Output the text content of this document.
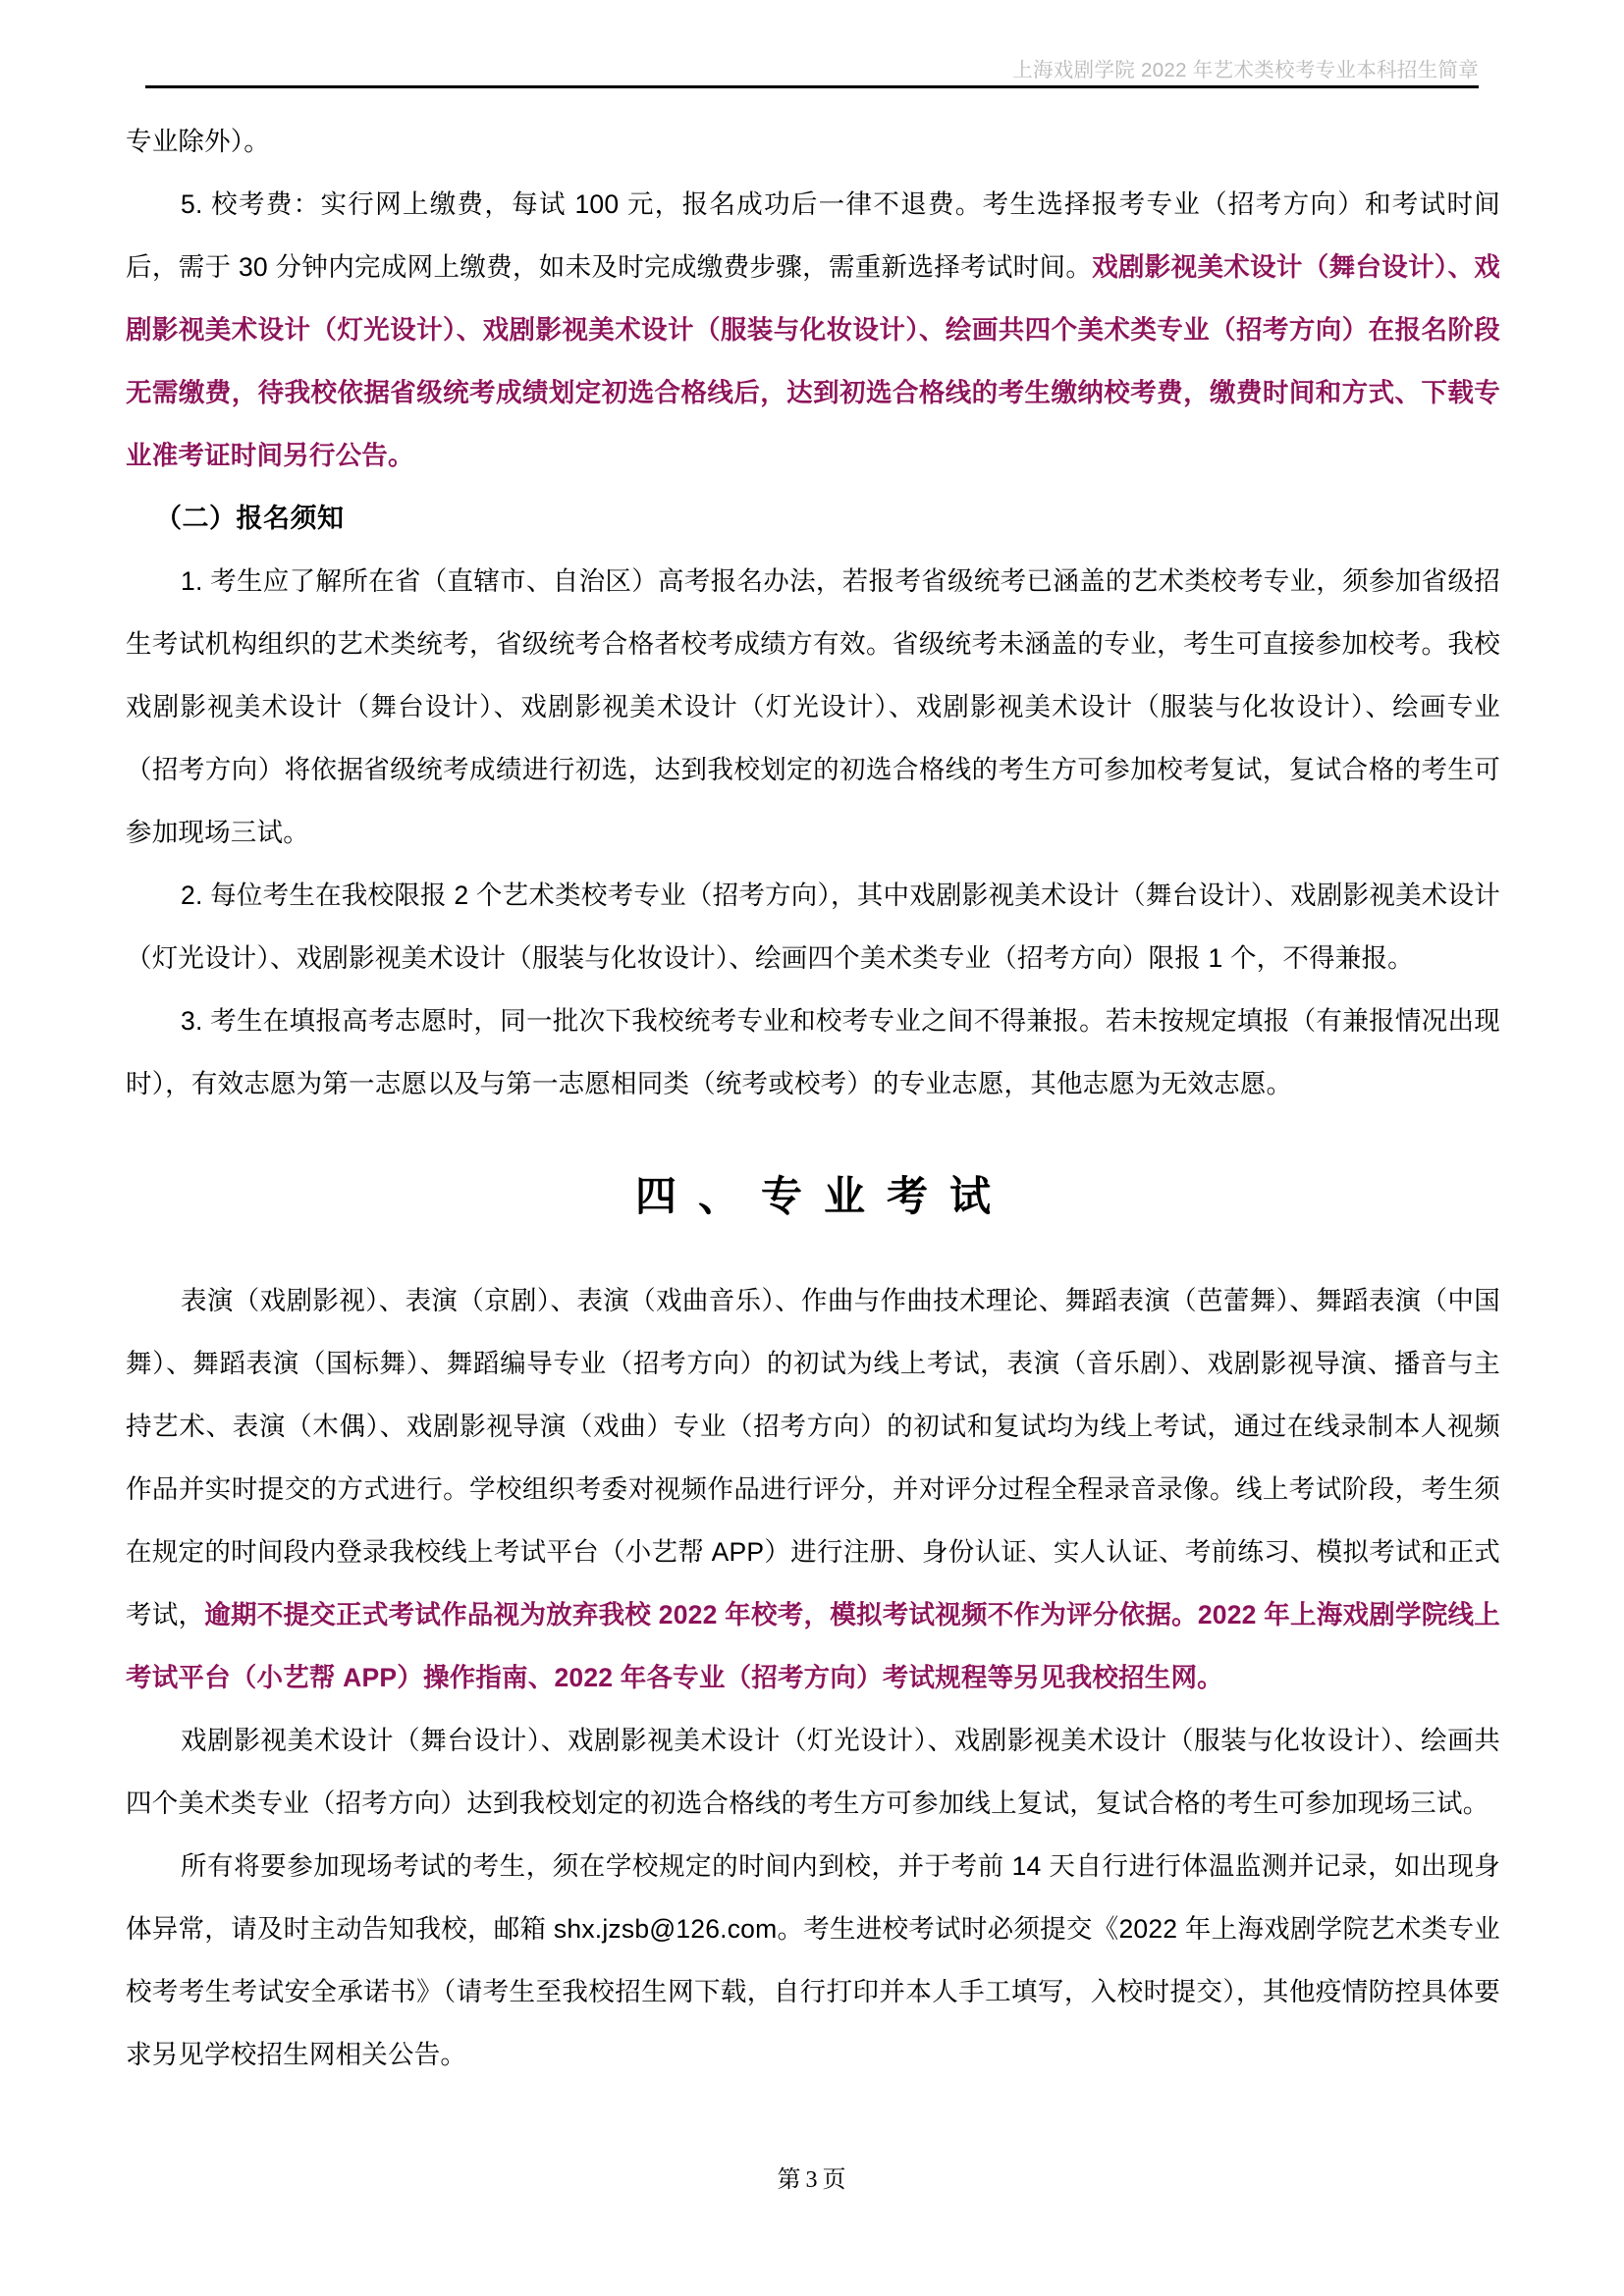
上海戏剧学院 2022 年艺术类校考专业本科招生简章

专业除外）。

5. 校考费：实行网上缴费，每试 100 元，报名成功后一律不退费。考生选择报考专业（招考方向）和考试时间后，需于 30 分钟内完成网上缴费，如未及时完成缴费步骤，需重新选择考试时间。戏剧影视美术设计（舞台设计）、戏剧影视美术设计（灯光设计）、戏剧影视美术设计（服装与化妆设计）、绘画共四个美术类专业（招考方向）在报名阶段无需缴费，待我校依据省级统考成绩划定初选合格线后，达到初选合格线的考生缴纳校考费，缴费时间和方式、下载专业准考证时间另行公告。

（二）报名须知

1. 考生应了解所在省（直辖市、自治区）高考报名办法，若报考省级统考已涵盖的艺术类校考专业，须参加省级招生考试机构组织的艺术类统考，省级统考合格者校考成绩方有效。省级统考未涵盖的专业，考生可直接参加校考。我校戏剧影视美术设计（舞台设计）、戏剧影视美术设计（灯光设计）、戏剧影视美术设计（服装与化妆设计）、绘画专业（招考方向）将依据省级统考成绩进行初选，达到我校划定的初选合格线的考生方可参加校考复试，复试合格的考生可参加现场三试。

2. 每位考生在我校限报 2 个艺术类校考专业（招考方向），其中戏剧影视美术设计（舞台设计）、戏剧影视美术设计（灯光设计）、戏剧影视美术设计（服装与化妆设计）、绘画四个美术类专业（招考方向）限报 1 个，不得兼报。

3. 考生在填报高考志愿时，同一批次下我校统考专业和校考专业之间不得兼报。若未按规定填报（有兼报情况出现时），有效志愿为第一志愿以及与第一志愿相同类（统考或校考）的专业志愿，其他志愿为无效志愿。

四、专业考试

表演（戏剧影视）、表演（京剧）、表演（戏曲音乐）、作曲与作曲技术理论、舞蹈表演（芭蕾舞）、舞蹈表演（中国舞）、舞蹈表演（国标舞）、舞蹈编导专业（招考方向）的初试为线上考试，表演（音乐剧）、戏剧影视导演、播音与主持艺术、表演（木偶）、戏剧影视导演（戏曲）专业（招考方向）的初试和复试均为线上考试，通过在线录制本人视频作品并实时提交的方式进行。学校组织考委对视频作品进行评分，并对评分过程全程录音录像。线上考试阶段，考生须在规定的时间段内登录我校线上考试平台（小艺帮 APP）进行注册、身份认证、实人认证、考前练习、模拟考试和正式考试，逾期不提交正式考试作品视为放弃我校 2022 年校考，模拟考试视频不作为评分依据。2022 年上海戏剧学院线上考试平台（小艺帮 APP）操作指南、2022 年各专业（招考方向）考试规程等另见我校招生网。

戏剧影视美术设计（舞台设计）、戏剧影视美术设计（灯光设计）、戏剧影视美术设计（服装与化妆设计）、绘画共四个美术类专业（招考方向）达到我校划定的初选合格线的考生方可参加线上复试，复试合格的考生可参加现场三试。

所有将要参加现场考试的考生，须在学校规定的时间内到校，并于考前 14 天自行进行体温监测并记录，如出现身体异常，请及时主动告知我校，邮箱 shx.jzsb@126.com。考生进校考试时必须提交《2022 年上海戏剧学院艺术类专业校考考生考试安全承诺书》（请考生至我校招生网下载，自行打印并本人手工填写，入校时提交），其他疫情防控具体要求另见学校招生网相关公告。

第 3 页
